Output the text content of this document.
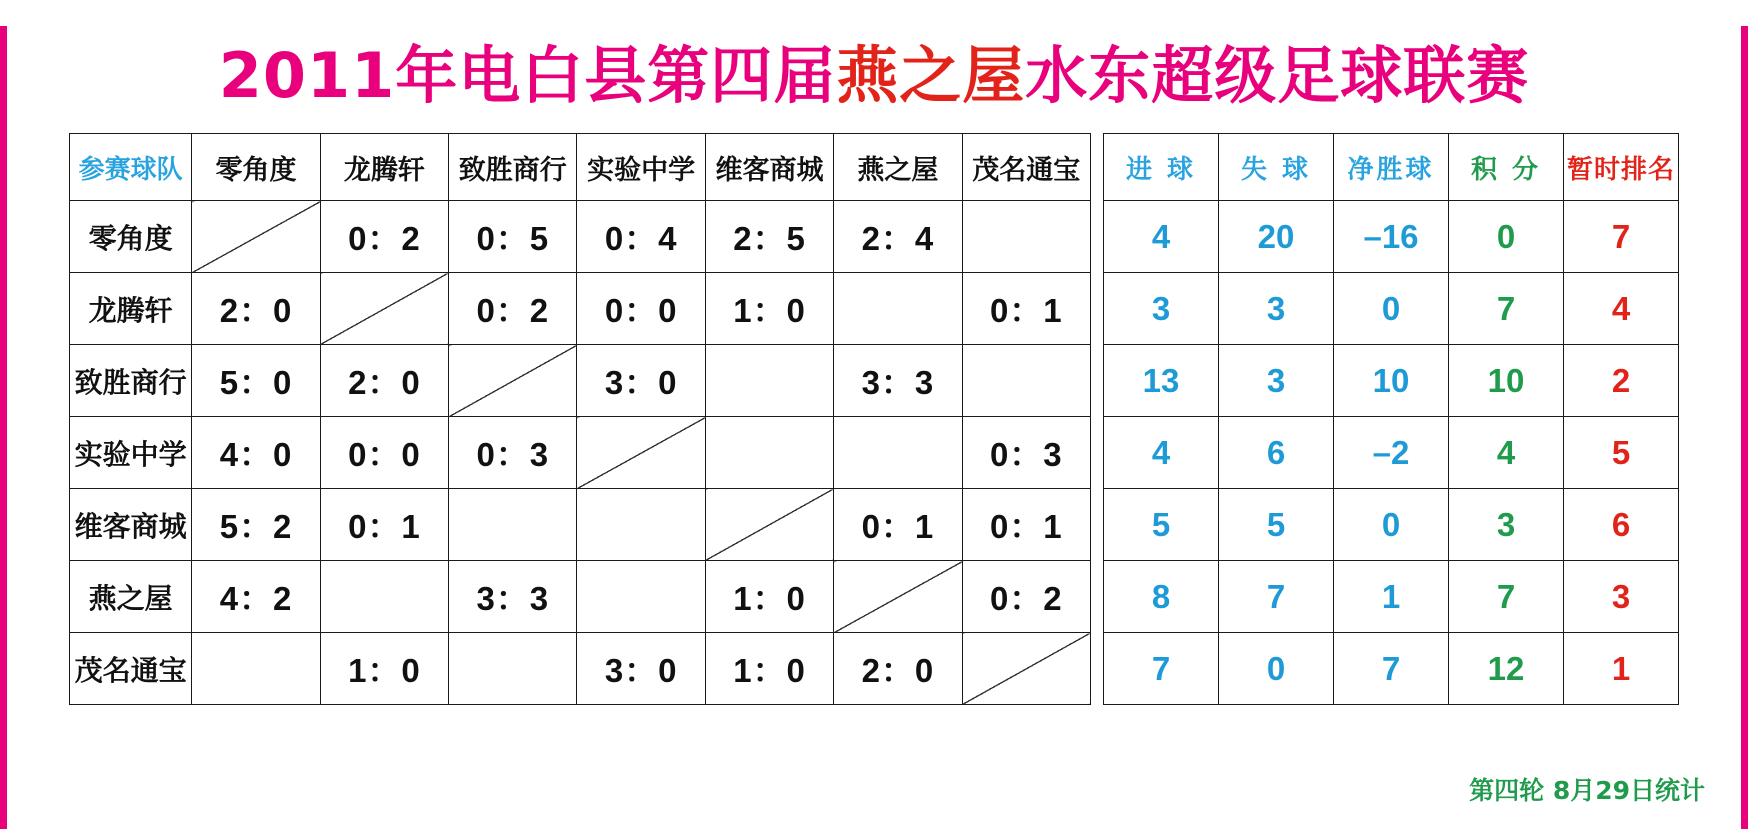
2011年电白县第四届燕之屋水东超级足球联赛
参赛球队	零角度	龙腾轩	致胜商行	实验中学	维客商城	燕之屋	茂名通宝
零角度		0：2	0：5	0：4	2：5	2：4	
龙腾轩	2：0		0：2	0：0	1：0		0：1
致胜商行	5：0	2：0		3：0		3：3	
实验中学	4：0	0：0	0：3				0：3
维客商城	5：2	0：1				0：1	0：1
燕之屋	4：2		3：3		1：0		0：2
茂名通宝		1：0		3：0	1：0	2：0	
进 球	失 球	净胜球	积 分	暂时排名
4	20	–16	0	7
3	3	0	7	4
13	3	10	10	2
4	6	–2	4	5
5	5	0	3	6
8	7	1	7	3
7	0	7	12	1
第四轮 8月29日统计
